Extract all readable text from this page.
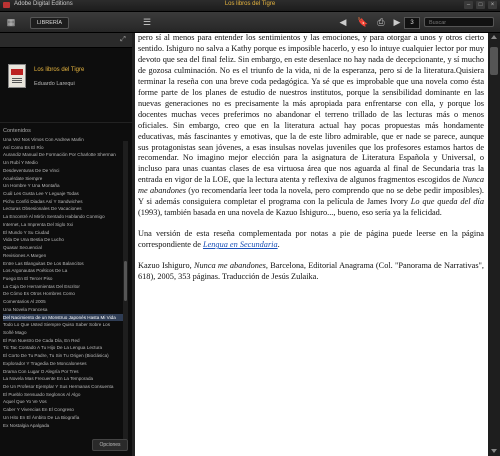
Adobe Digital Editions	Los libros del Tigre	–	□	×
▦	LIBRERÍA	☰	◀	🔖 ⎙ ▶	3	Buscar
⤢
Los libros del Tigre
Eduardo Larequi
Contenidos
Una Vez Nos Vimos Con Andrew Marlin
Así Como Es El Río
Aurandiz Manual De Formación Por Charlotte Sherman
Un Rubí Y Medio
Desdeventuras De De Vinci
Acuérdate Siempre
Un Hombre Y Una Montaña
Cuál Les Gusta Lee Y Leguaje Todas
Pichu Confió Diadas Así Y Sandwiches
Lecturas Obsesionales De Vacaciones
La Encontré Al Mirón Sentado Hablando Conmigo
Internet, La Imprenta Del Siglo Xxi
El Mundo Y Su Ciudad
Vida De Una Bestia De Lucho
Quasar Secuencial
Revisiones A Margen
Entre Las Blanguitas De Los Balancitos
Los Argonautas Poéticos De La
Fuego En El Tercer Piso
La Caja De Herramientas Del Escritor
De Cómo Es Otros Hombres Como
Comentarios Al 2005
Una Novela Francesa
Del Nacimiento de un Monstruo Japonés Hasta Mi Vida
Todo Lo Que Usted Siempre Quiso Saber Sobre Los
Soñé Mago
El Pan Nuestro De Cada Día, En Red
Tic Tac Contado A Tu Hijo De La Lengua Lectura
El Corto De Tu Padre, Tu Sin Tu Origen (Bioclásica)
Explorador Y Tragedia De Moncaloneses
Drama Con Lugar O Alegría Por Tres
La Novela Mas Frecuente En La Temporada
De Un Profesor Ejemplar Y Sus Hermanas Consuenta
El Pueblo Sensuado Seglonos Al Algo
Aquel Que Yo Ve Vos
Caber Y Vivencias En El Congreso
Un Hito En El Ámbito De La Biografía
Ex Nostalgia Apalgada
Opciones

pero sí al menos para entender los sentimientos y las emociones, y para otorgar a unos y otros cierto sentido. Ishiguro no salva a Kathy porque es imposible hacerlo, y eso lo intuye cualquier lector por muy devoto que sea del final feliz. Sin embargo, en este desenlace no hay nada de decepcionante, y sí mucho de gozosa culminación. No es el triunfo de la vida, ni de la esperanza, pero sí de la literatura.Quisiera terminar la reseña con una breve coda pedagógica. Ya sé que es improbable que una novela como ésta forme parte de los planes de estudio de nuestros institutos, porque la sensibilidad dominante en las nuevas generaciones no es precisamente la más apropiada para enfrentarse con ella, y porque los docentes muchas veces preferimos no abandonar el terreno trillado de las lecturas más o menos oficiales. Sin embargo, creo que en la literatura actual hay pocas propuestas más hondamente educativas, más fascinantes y emotivas, que la de este libro admirable, que er nade se parece, aunque sus protagonistas sean jóvenes, a esas insulsas novelas juveniles que los profesores estamos hartos de recomendar. No imagino mejor elección para la asignatura de Literatura Española y Universal, o incluso para unas cuantas clases de esa virtuosa área que nos aguarda al final de Secundaria tras la entrada en vigor de la LOE, que la lectura atenta y reflexiva de algunos fragmentos escogidos de Nunca me abandones (yo recomendaría leer toda la novela, pero comprendo que no se debe pedir imposibles). Y si además consiguiera completar el programa con la película de James Ivory Lo que queda del día (1993), también basada en una novela de Kazuo Ishiguro..., bueno, eso sería ya la felicidad.

Una versión de esta reseña complementada por notas a pie de página puede leerse en la página correspondiente de Lengua en Secundaria.

Kazuo Ishiguro, Nunca me abandones, Barcelona, Editorial Anagrama (Col. "Panorama de Narrativas", 618), 2005, 353 páginas. Traducción de Jesús Zulaika.
